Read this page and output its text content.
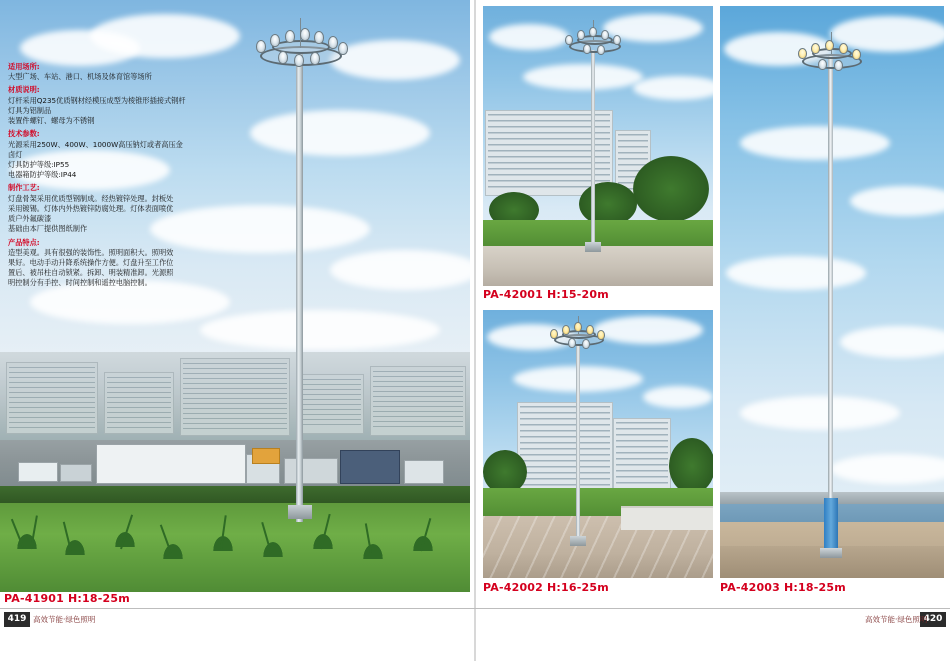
适用场所:
大型广场、车站、港口、机场及体育馆等场所
材质说明:
灯杆采用Q235优质钢材经模压成型为棱锥形插接式钢杆
灯具为铝制品
装置件螺钉、螺母为不锈钢
技术参数:
光源采用250W、400W、1000W高压钠灯或者高压金
卤灯
灯具防护等级:IP55
电器箱防护等级:IP44
制作工艺:
灯盘骨架采用优质型钢制成。经热镀锌处理。封板处
采用镀锡。灯体内外热镀锌防腐处理。灯体表面喷优
质户外氟碳漆
基础由本厂提供图纸制作
产品特点:
造型美观。具有很强的装饰性。照明面积大。照明效
果好。电动手动升降系统操作方便。灯盘升至工作位
置后、被吊柱自动锁紧。拆卸、明装精准卸。光源照
明控制分有手控、时间控制和遥控电脑控制。
PA-41901 H:18-25m
PA-42001 H:15-20m
PA-42002 H:16-25m	PA-42003 H:18-25m
419 高效节能·绿色照明	420
高效节能·绿色照明
